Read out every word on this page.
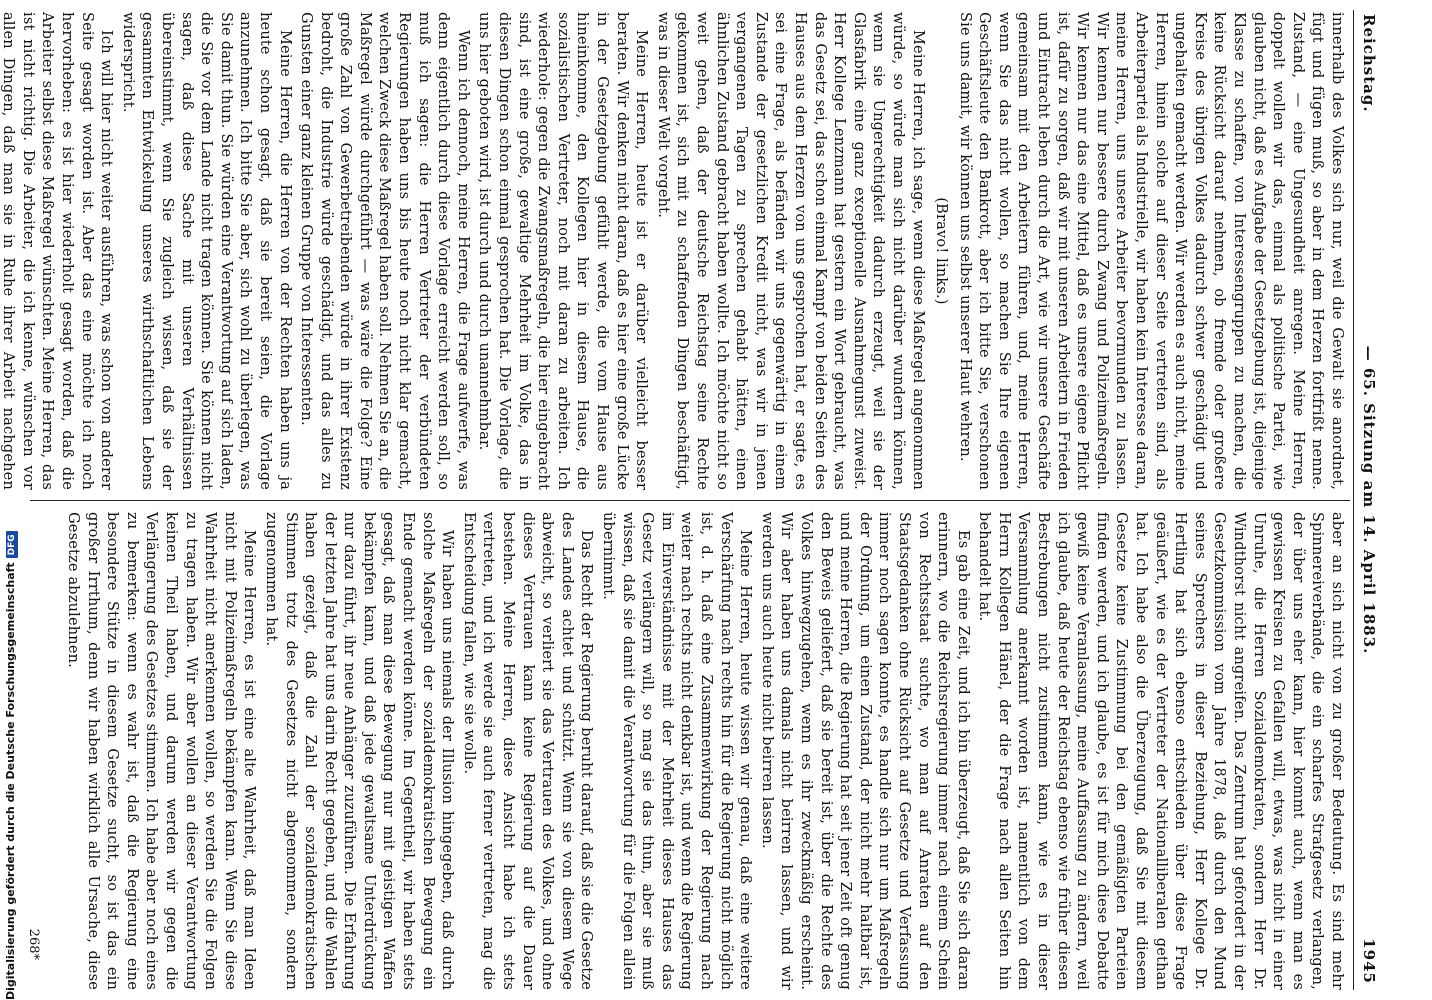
Reichstag.
— 65. Sitzung am 14. April 1883.
1945

innerhalb des Volkes sich nur, weil die Gewalt sie anordnet, fügt und fügen muß, so aber in dem Herzen fortfrißt nenne. Zustand, — eine Ungesundheit anregen. Meine Herren, doppelt wollen wir das, einmal als politische Partei, wie glauben nicht, daß es Aufgabe der Gesetzgebung ist, diejenige Klasse zu schaffen, von Interessengruppen zu machen, die keine Rücksicht darauf nehmen, ob fremde oder großere Kreise des übrigen Volkes dadurch schwer geschädigt und ungehalten gemacht werden. Wir werden es auch nicht, meine Herren, hinein solche auf dieser Seite vertreten sind, als Arbeiterpartei als Industrielle, wir haben kein Interesse daran, meine Herren, uns unsere Arbeiter bevormunden zu lassen. Wir kennen nur bessere durch Zwang und Polizeimaßregeln. Wir kennen nur das eine Mittel, daß es unsere eigene Pflicht ist, dafür zu sorgen, daß wir mit unseren Arbeitern in Frieden und Eintracht leben durch die Art, wie wir unsere Geschäfte gemeinsam mit den Arbeitern führen, und, meine Herren, wenn Sie das nicht wollen, so machen Sie Ihre eigenen Geschäftsleute den Bankrott, aber ich bitte Sie, verschonen Sie uns damit, wir können uns selbst unserer Haut wehren.

(Bravo! links.)

Meine Herren, ich sage, wenn diese Maßregel angenommen würde, so würde man sich nicht darüber wundern können, wenn sie Ungerechtigkeit dadurch erzeugt, weil sie der Glasfabrik eine ganz exceptionelle Ausnahmegunst zuweist. Herr Kollege Lenzmann hat gestern ein Wort gebraucht, was das Gesetz sei, das schon einmal Kampf von beiden Seiten des Hauses aus dem Herzen von uns gesprochen hat, er sagte, es sei eine Frage, als befänden wir uns gegenwärtig in einem Zustande der gesetzlichen Kredit nicht, was wir in jenen vergangenen Tagen zu sprechen gehabt hätten, einen ähnlichen Zustand gebracht haben wollte. Ich möchte nicht so weit gehen, daß der deutsche Reichstag seine Rechte gekommen ist, sich mit zu schaffenden Dingen beschäftigt, was in dieser Welt vorgeht.

Meine Herren, heute ist er darüber vielleicht besser beraten. Wir denken nicht daran, daß es hier eine große Lücke in der Gesetzgebung gefühlt werde, die vom Hause aus hineinkomme, den Kollegen hier in diesem Hause, die sozialistischen Vertreter, noch mit daran zu arbeiten. Ich wiederhole: gegen die Zwangsmaßregeln, die hier eingebracht sind, ist eine große, gewaltige Mehrheit im Volke, das in diesen Dingen schon einmal gesprochen hat. Die Vorlage, die uns hier geboten wird, ist durch und durch unannehmbar.

Wenn ich dennoch, meine Herren, die Frage aufwerfe, was denn eigentlich durch diese Vorlage erreicht werden soll, so muß ich sagen: die Herren Vertreter der verbündeten Regierungen haben uns bis heute noch nicht klar gemacht, welchen Zweck diese Maßregel haben soll. Nehmen Sie an, die Maßregel würde durchgeführt — was wäre die Folge? Eine große Zahl von Gewerbetreibenden würde in ihrer Existenz bedroht, die Industrie würde geschädigt, und das alles zu Gunsten einer ganz kleinen Gruppe von Interessenten.

Meine Herren, die Herren von der Rechten haben uns ja heute schon gesagt, daß sie bereit seien, die Vorlage anzunehmen. Ich bitte Sie aber, sich wohl zu überlegen, was Sie damit thun. Sie würden eine Verantwortung auf sich laden, die Sie vor dem Lande nicht tragen können. Sie können nicht sagen, daß diese Sache mit unseren Verhältnissen übereinstimmt, wenn Sie zugleich wissen, daß sie der gesammten Entwickelung unseres wirthschaftlichen Lebens widerspricht.

Ich will hier nicht weiter ausführen, was schon von anderer Seite gesagt worden ist. Aber das eine möchte ich noch hervorheben: es ist hier wiederholt gesagt worden, daß die Arbeiter selbst diese Maßregel wünschten. Meine Herren, das ist nicht richtig. Die Arbeiter, die ich kenne, wünschen vor allen Dingen, daß man sie in Ruhe ihrer Arbeit nachgehen

aber an sich nicht von zu großer Bedeutung. Es sind mehr Spinnereiverbände, die ein scharfes Strafgesetz verlangen, der über uns eher kann, hier kommt auch, wenn man es gewissen Kreisen zu Gefallen will, etwas, was nicht in einer Unruhe, die Herren Sozialdemokraten, sondern Herr Dr. Windthorst nicht angreifen. Das Zentrum hat gefordert in der Gesetzkommission vom Jahre 1878, daß durch den Mund seines Sprechers in dieser Beziehung, Herr Kollege Dr. Hertling hat sich ebenso entschieden über diese Frage geäußert, wie es der Vertreter der Nationalliberalen gethan hat. Ich habe also die Überzeugung, daß Sie mit diesem Gesetze keine Zustimmung bei den gemäßigten Parteien finden werden, und ich glaube, es ist für mich diese Debatte gewiß keine Veranlassung, meine Auffassung zu ändern, weil ich glaube, daß heute der Reichstag ebenso wie früher diesen Bestrebungen nicht zustimmen kann, wie es in dieser Versammlung anerkannt worden ist, namentlich von dem Herrn Kollegen Hänel, der die Frage nach allen Seiten hin behandelt hat.

Es gab eine Zeit, und ich bin überzeugt, daß Sie sich daran erinnern, wo die Reichsregierung immer nach einem Schein von Rechtsstaat suchte, wo man auf Anraten auf den Staatsgedanken ohne Rücksicht auf Gesetze und Verfassung immer noch sagen konnte, es handle sich nur um Maßregeln der Ordnung, um einen Zustand, der nicht mehr haltbar ist, und meine Herren, die Regierung hat seit jener Zeit oft genug den Beweis geliefert, daß sie bereit ist, über die Rechte des Volkes hinwegzugehen, wenn es ihr zweckmäßig erscheint. Wir aber haben uns damals nicht beirren lassen, und wir werden uns auch heute nicht beirren lassen.

Meine Herren, heute wissen wir genau, daß eine weitere Verschärfung nach rechts hin für die Regierung nicht möglich ist, d. h. daß eine Zusammenwirkung der Regierung nach weiter nach rechts nicht denkbar ist, und wenn die Regierung im Einverständnisse mit der Mehrheit dieses Hauses das Gesetz verlängern will, so mag sie das thun, aber sie muß wissen, daß sie damit die Verantwortung für die Folgen allein übernimmt.

Das Recht der Regierung beruht darauf, daß sie die Gesetze des Landes achtet und schützt. Wenn sie von diesem Wege abweicht, so verliert sie das Vertrauen des Volkes, und ohne dieses Vertrauen kann keine Regierung auf die Dauer bestehen. Meine Herren, diese Ansicht habe ich stets vertreten, und ich werde sie auch ferner vertreten, mag die Entscheidung fallen, wie sie wolle.

Wir haben uns niemals der Illusion hingegeben, daß durch solche Maßregeln der sozialdemokratischen Bewegung ein Ende gemacht werden könne. Im Gegentheil, wir haben stets gesagt, daß man diese Bewegung nur mit geistigen Waffen bekämpfen kann, und daß jede gewaltsame Unterdrückung nur dazu führt, ihr neue Anhänger zuzuführen. Die Erfahrung der letzten Jahre hat uns darin Recht gegeben, und die Wahlen haben gezeigt, daß die Zahl der sozialdemokratischen Stimmen trotz des Gesetzes nicht abgenommen, sondern zugenommen hat.

Meine Herren, es ist eine alte Wahrheit, daß man Ideen nicht mit Polizeimaßregeln bekämpfen kann. Wenn Sie diese Wahrheit nicht anerkennen wollen, so werden Sie die Folgen zu tragen haben. Wir aber wollen an dieser Verantwortung keinen Theil haben, und darum werden wir gegen die Verlängerung des Gesetzes stimmen. Ich habe aber noch eines zu bemerken: wenn es wahr ist, daß die Regierung eine besondere Stütze in diesem Gesetze sucht, so ist das ein großer Irrthum, denn wir haben wirklich alle Ursache, diese Gesetze abzulehnen.

268*
Digitalisierung gefördert durch die Deutsche ForschungsgemeinschaftDFG
